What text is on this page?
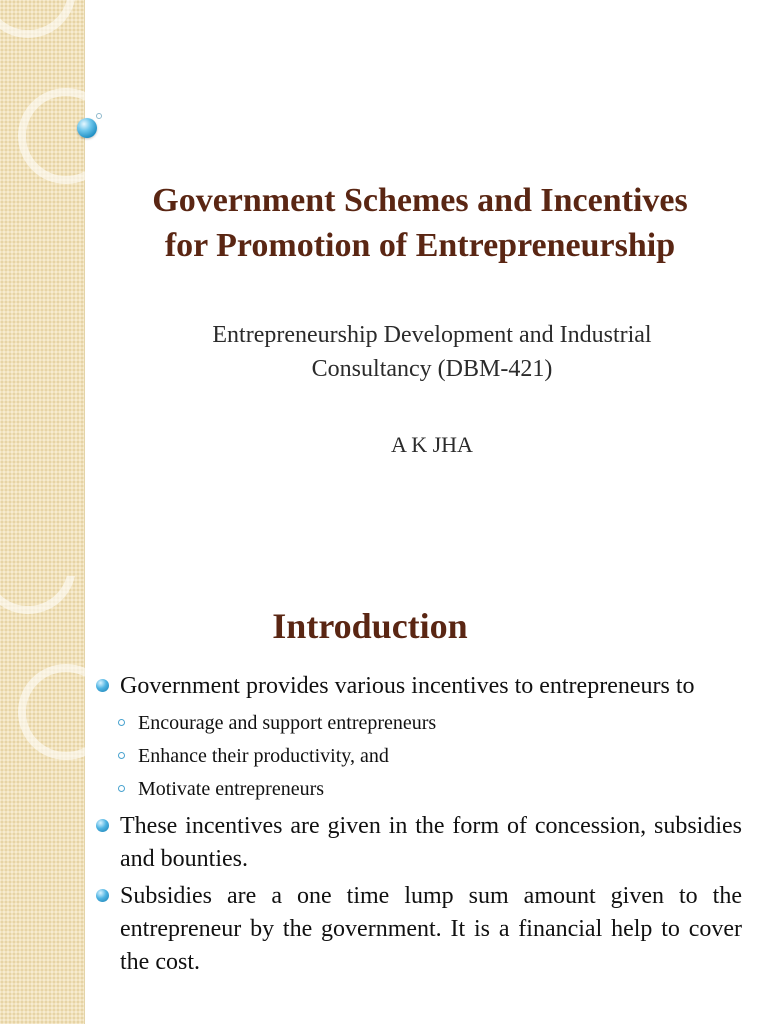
Government Schemes and Incentives
for Promotion of Entrepreneurship

Entrepreneurship Development and Industrial
Consultancy (DBM-421)

A K JHA

Introduction
Government provides various incentives to entrepreneurs to
Encourage and support entrepreneurs
Enhance their productivity, and
Motivate entrepreneurs
These incentives are given in the form of concession, subsidies and bounties.
Subsidies are a one time lump sum amount given to the entrepreneur by the government. It is a financial help to cover the cost.
